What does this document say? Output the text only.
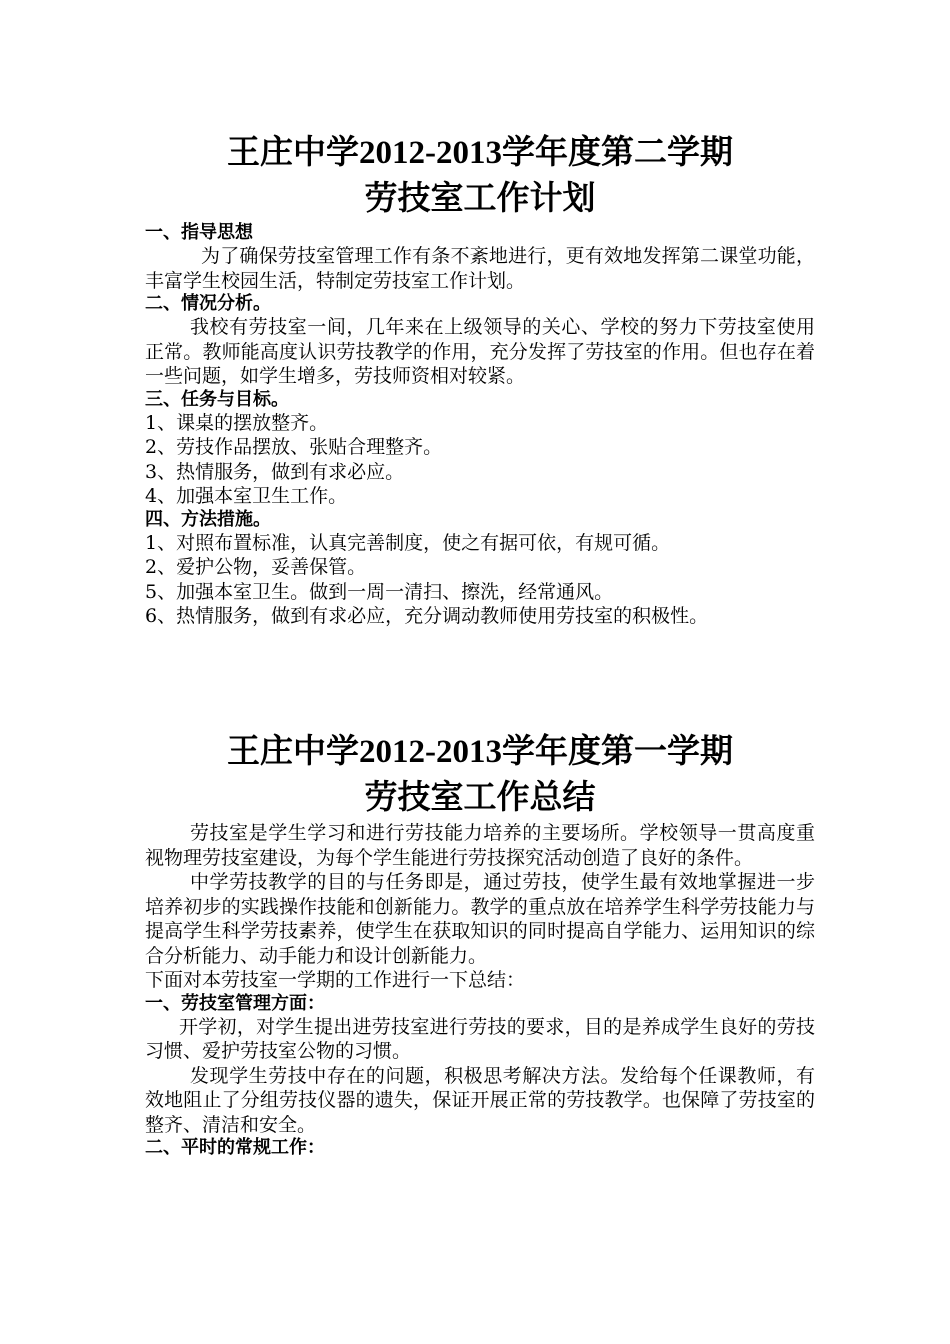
王庄中学2012-2013学年度第二学期
劳技室工作计划

一、指导思想

为了确保劳技室管理工作有条不紊地进行，更有效地发挥第二课堂功能，丰富学生校园生活，特制定劳技室工作计划。

二、情况分析。

我校有劳技室一间，几年来在上级领导的关心、学校的努力下劳技室使用正常。教师能高度认识劳技教学的作用，充分发挥了劳技室的作用。但也存在着一些问题，如学生增多，劳技师资相对较紧。

三、任务与目标。

1、课桌的摆放整齐。

2、劳技作品摆放、张贴合理整齐。

3、热情服务，做到有求必应。

4、加强本室卫生工作。

四、方法措施。

1、对照布置标准，认真完善制度，使之有据可依，有规可循。

2、爱护公物，妥善保管。

5、加强本室卫生。做到一周一清扫、擦洗，经常通风。

6、热情服务，做到有求必应，充分调动教师使用劳技室的积极性。

王庄中学2012-2013学年度第一学期
劳技室工作总结

劳技室是学生学习和进行劳技能力培养的主要场所。学校领导一贯高度重视物理劳技室建设，为每个学生能进行劳技探究活动创造了良好的条件。

中学劳技教学的目的与任务即是，通过劳技，使学生最有效地掌握进一步培养初步的实践操作技能和创新能力。教学的重点放在培养学生科学劳技能力与提高学生科学劳技素养，使学生在获取知识的同时提高自学能力、运用知识的综合分析能力、动手能力和设计创新能力。

下面对本劳技室一学期的工作进行一下总结：

一、劳技室管理方面：

开学初，对学生提出进劳技室进行劳技的要求，目的是养成学生良好的劳技习惯、爱护劳技室公物的习惯。

发现学生劳技中存在的问题，积极思考解决方法。发给每个任课教师，有效地阻止了分组劳技仪器的遗失，保证开展正常的劳技教学。也保障了劳技室的整齐、清洁和安全。

二、平时的常规工作：
